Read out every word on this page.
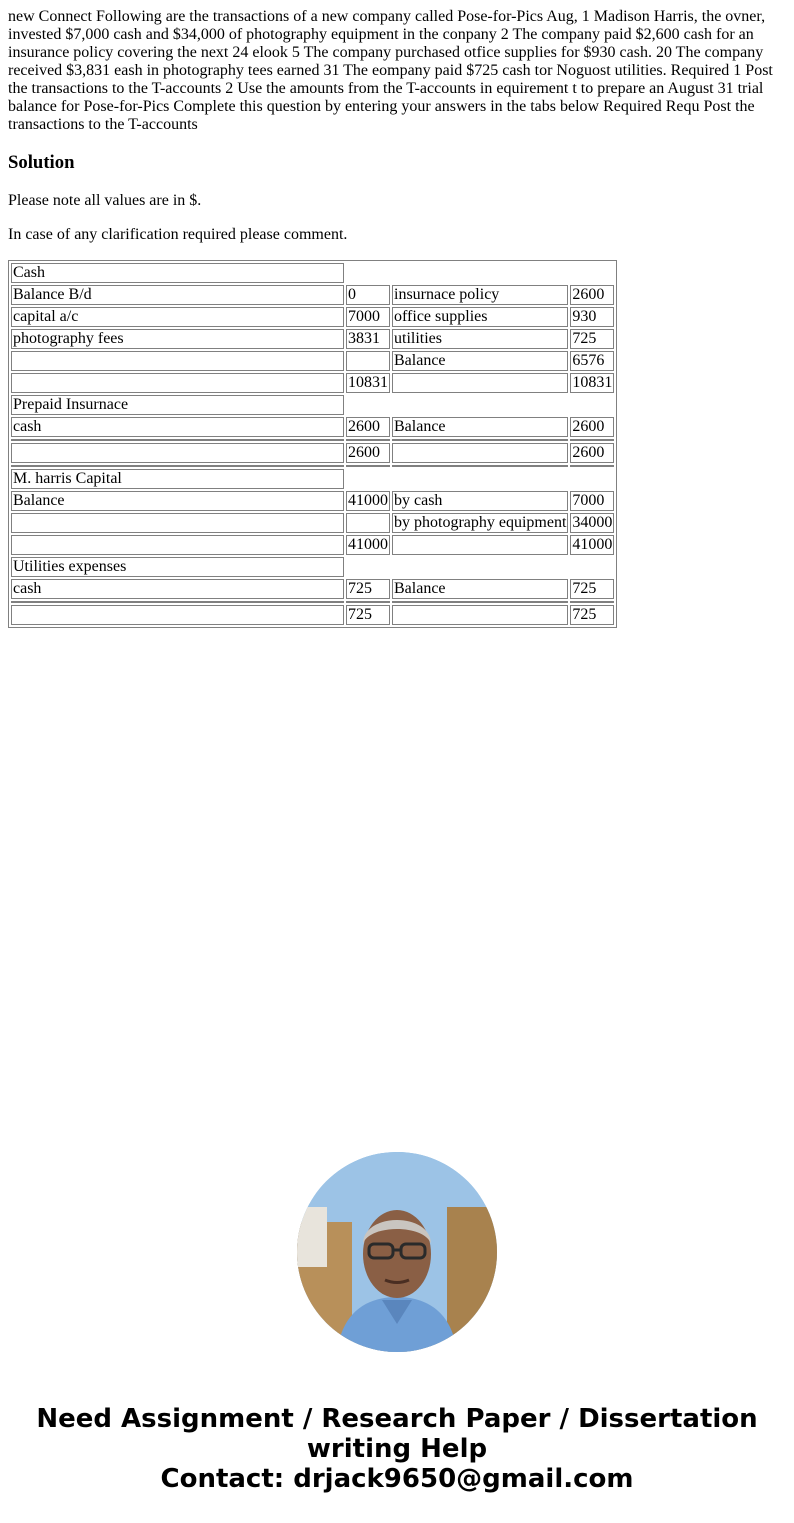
new Connect Following are the transactions of a new company called Pose-for-Pics Aug, 1 Madison Harris, the ovner, invested $7,000 cash and $34,000 of photography equipment in the conpany 2 The company paid $2,600 cash for an insurance policy covering the next 24 elook 5 The company purchased otfice supplies for $930 cash. 20 The company received $3,831 eash in photography tees earned 31 The eompany paid $725 cash tor Noguost utilities. Required 1 Post the transactions to the T-accounts 2 Use the amounts from the T-accounts in equirement t to prepare an August 31 trial balance for Pose-for-Pics Complete this question by entering your answers in the tabs below Required Requ Post the transactions to the T-accounts

Solution

Please note all values are in $.

In case of any clarification required please comment.

Cash			
Balance B/d	0	insurnace policy	2600
capital a/c	7000	office supplies	930
photography fees	3831	utilities	725
		Balance	6576
	10831		10831
Prepaid Insurnace			
cash	2600	Balance	2600

	2600		2600

M. harris Capital			
Balance	41000	by cash	7000
		by photography equipment	34000
	41000		41000
Utilities expenses			
cash	725	Balance	725

	725		725
Need Assignment / Research Paper / Dissertation
writing Help
Contact: drjack9650@gmail.com
